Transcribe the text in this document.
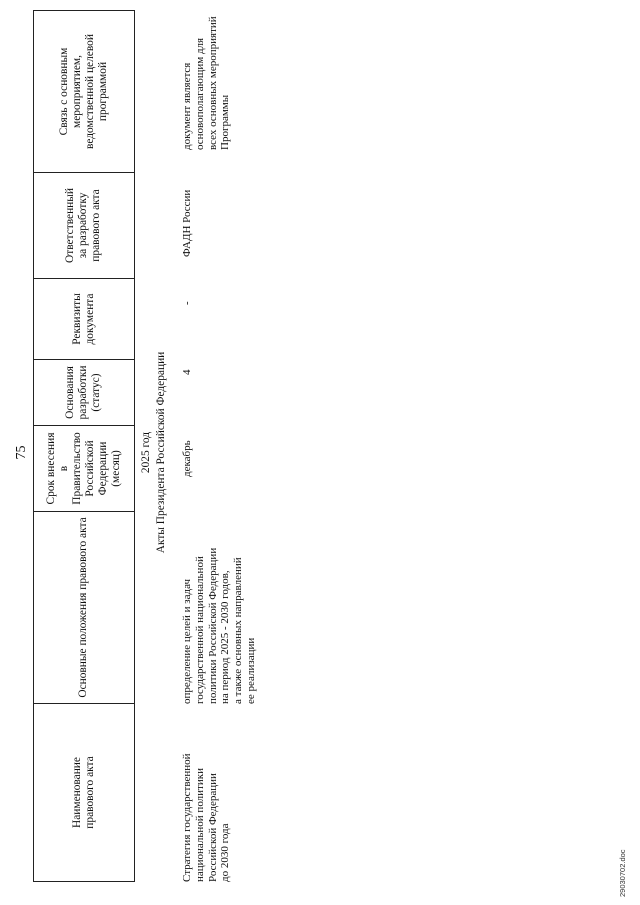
75
Наименование
правового акта
Основные положения правового акта
Срок внесения
в Правительство
Российской
Федерации
(месяц)
Основания
разработки
(статус)
Реквизиты
документа
Ответственный
за разработку
правового акта
Связь с основным
мероприятием,
ведомственной целевой
программой
2025 год Акты Президента Российской Федерации
Стратегия государственной
национальной политики
Российской Федерации
до 2030 года
определение целей и задач
государственной национальной
политики Российской Федерации
на период 2025 - 2030 годов,
а также основных направлений
ее реализации
декабрь
4
-
ФАДН России
документ является
основополагающим для
всех основных мероприятий
Программы
29030702.doc
